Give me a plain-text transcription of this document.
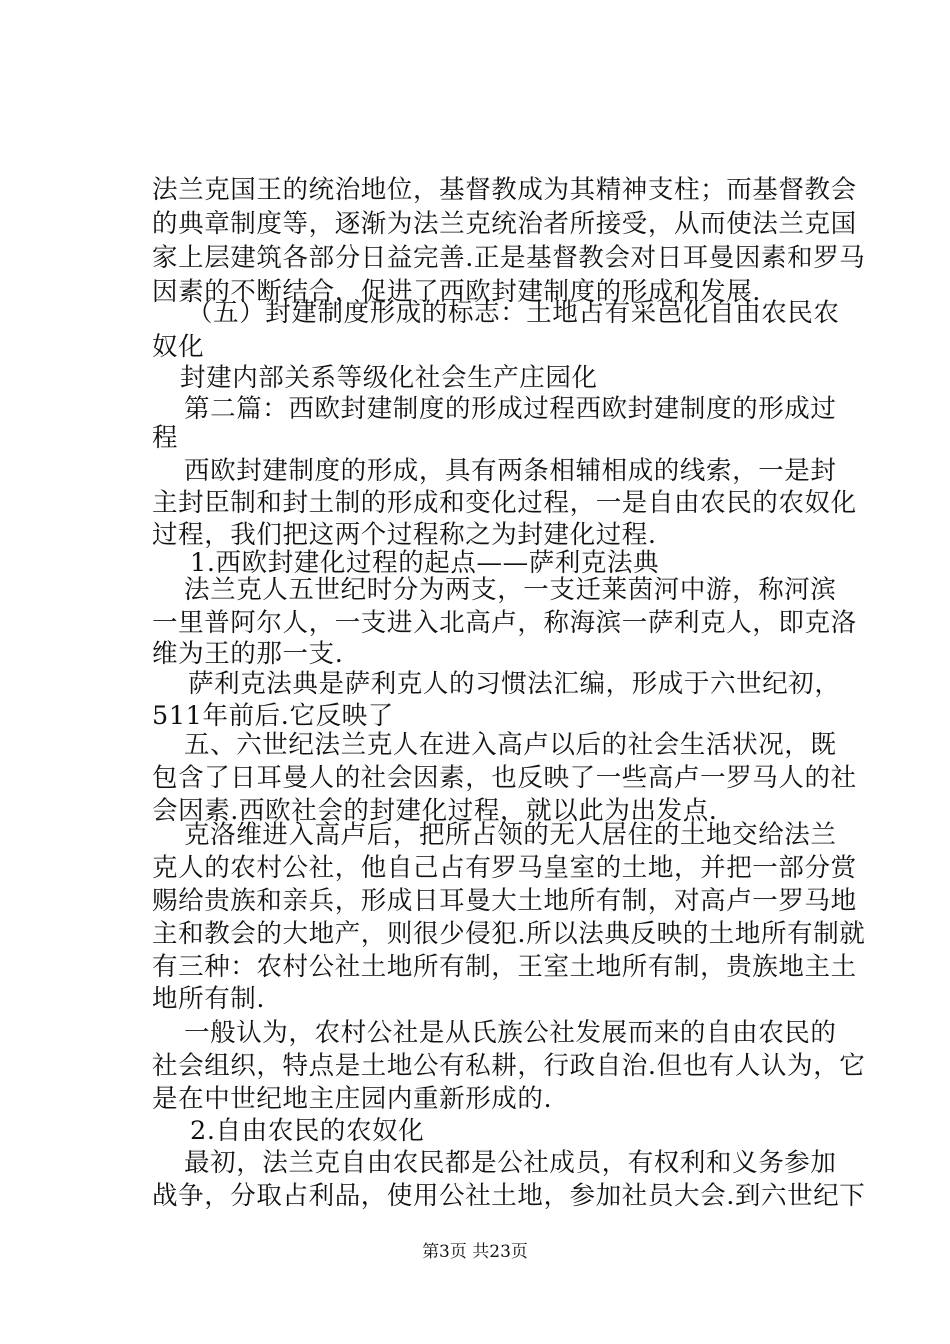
法兰克国王的统治地位，基督教成为其精神支柱；而基督教会
的典章制度等，逐渐为法兰克统治者所接受，从而使法兰克国
家上层建筑各部分日益完善.正是基督教会对日耳曼因素和罗马
因素的不断结合，促进了西欧封建制度的形成和发展.
（五）封建制度形成的标志：土地占有采邑化自由农民农
奴化
封建内部关系等级化社会生产庄园化
第二篇：西欧封建制度的形成过程西欧封建制度的形成过
程
西欧封建制度的形成，具有两条相辅相成的线索，一是封
主封臣制和封土制的形成和变化过程，一是自由农民的农奴化
过程，我们把这两个过程称之为封建化过程.
1.西欧封建化过程的起点——萨利克法典
法兰克人五世纪时分为两支，一支迁莱茵河中游，称河滨
一里普阿尔人，一支进入北高卢，称海滨一萨利克人，即克洛
维为王的那一支.
萨利克法典是萨利克人的习惯法汇编，形成于六世纪初，
511年前后.它反映了
五、六世纪法兰克人在进入高卢以后的社会生活状况，既
包含了日耳曼人的社会因素，也反映了一些高卢一罗马人的社
会因素.西欧社会的封建化过程，就以此为出发点.
克洛维进入高卢后，把所占领的无人居住的土地交给法兰
克人的农村公社，他自己占有罗马皇室的土地，并把一部分赏
赐给贵族和亲兵，形成日耳曼大土地所有制，对高卢一罗马地
主和教会的大地产，则很少侵犯.所以法典反映的土地所有制就
有三种：农村公社土地所有制，王室土地所有制，贵族地主土
地所有制.
一般认为，农村公社是从氏族公社发展而来的自由农民的
社会组织，特点是土地公有私耕，行政自治.但也有人认为，它
是在中世纪地主庄园内重新形成的.
2.自由农民的农奴化
最初，法兰克自由农民都是公社成员，有权利和义务参加
战争，分取占利品，使用公社土地，参加社员大会.到六世纪下
第3页 共23页
